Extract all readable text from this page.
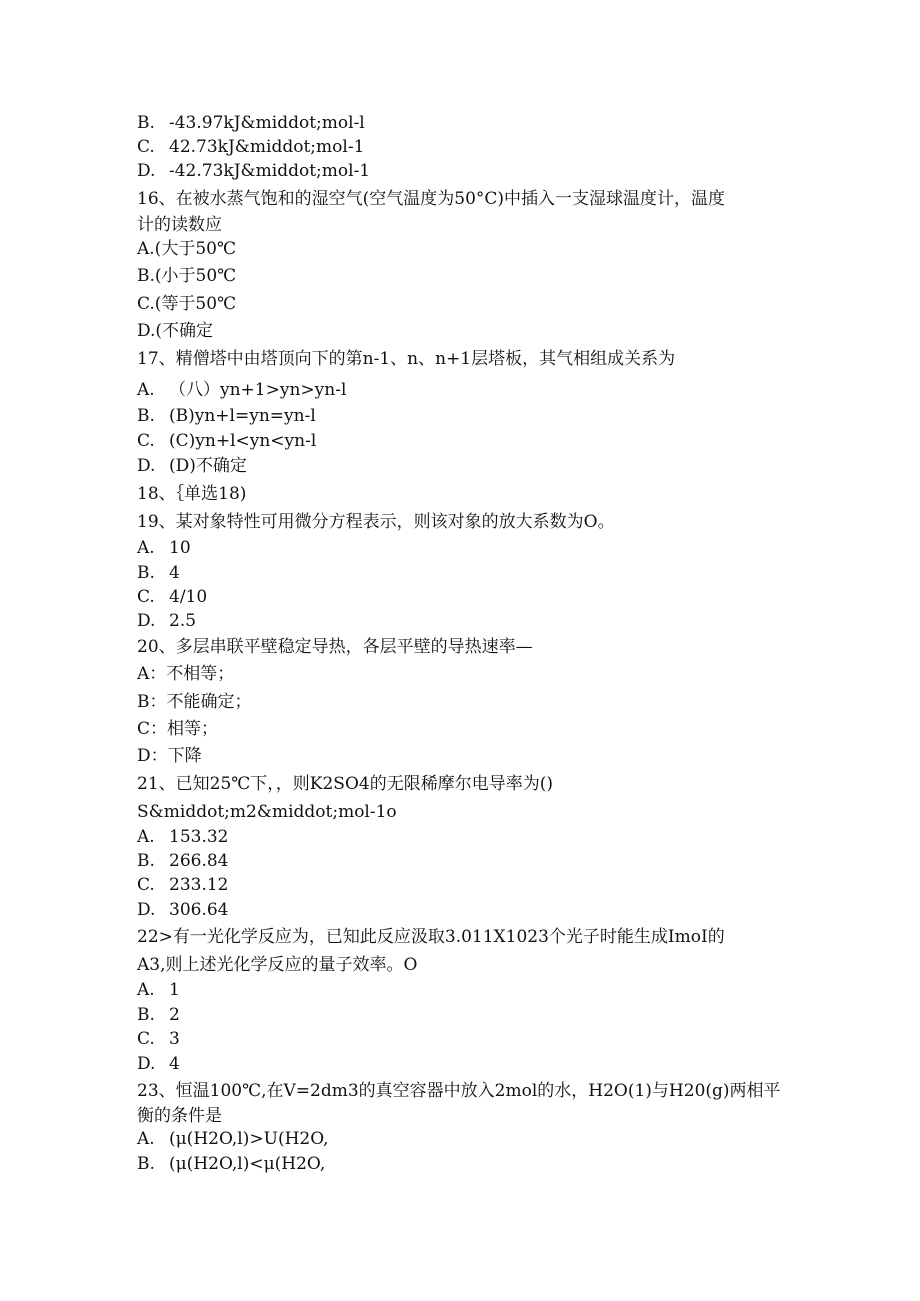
B. -43.97kJ&middot;mol-l
C. 42.73kJ&middot;mol-1
D. -42.73kJ&middot;mol-1
16、在被水蒸气饱和的湿空气(空气温度为50°C)中插入一支湿球温度计，温度
计的读数应
A.(大于50℃
B.(小于50℃
C.(等于50℃
D.(不确定
17、精僧塔中由塔顶向下的第n-1、n、n+1层塔板，其气相组成关系为
A. （八）yn+1>yn>yn-l
B. (B)yn+l=yn=yn-l
C. (C)yn+l<yn<yn-l
D. (D)不确定
18、｛单选18)
19、某对象特性可用微分方程表示，则该对象的放大系数为O。
A. 10
B. 4
C. 4/10
D. 2.5
20、多层串联平壁稳定导热，各层平壁的导热速率—
A：不相等；
B：不能确定；
C：相等；
D：下降
21、已知25℃下，，则K2SO4的无限稀摩尔电导率为()
S&middot;m2&middot;mol-1o
A. 153.32
B. 266.84
C. 233.12
D. 306.64
22>有一光化学反应为，已知此反应汲取3.011X1023个光子时能生成ImoI的
A3,则上述光化学反应的量子效率。O
A. 1
B. 2
C. 3
D. 4
23、恒温100℃,在V=2dm3的真空容器中放入2mol的水，H2O(1)与H20(g)两相平
衡的条件是
A. (μ(H2O,l)>U(H2O,
B. (μ(H2O,l)<μ(H2O,
